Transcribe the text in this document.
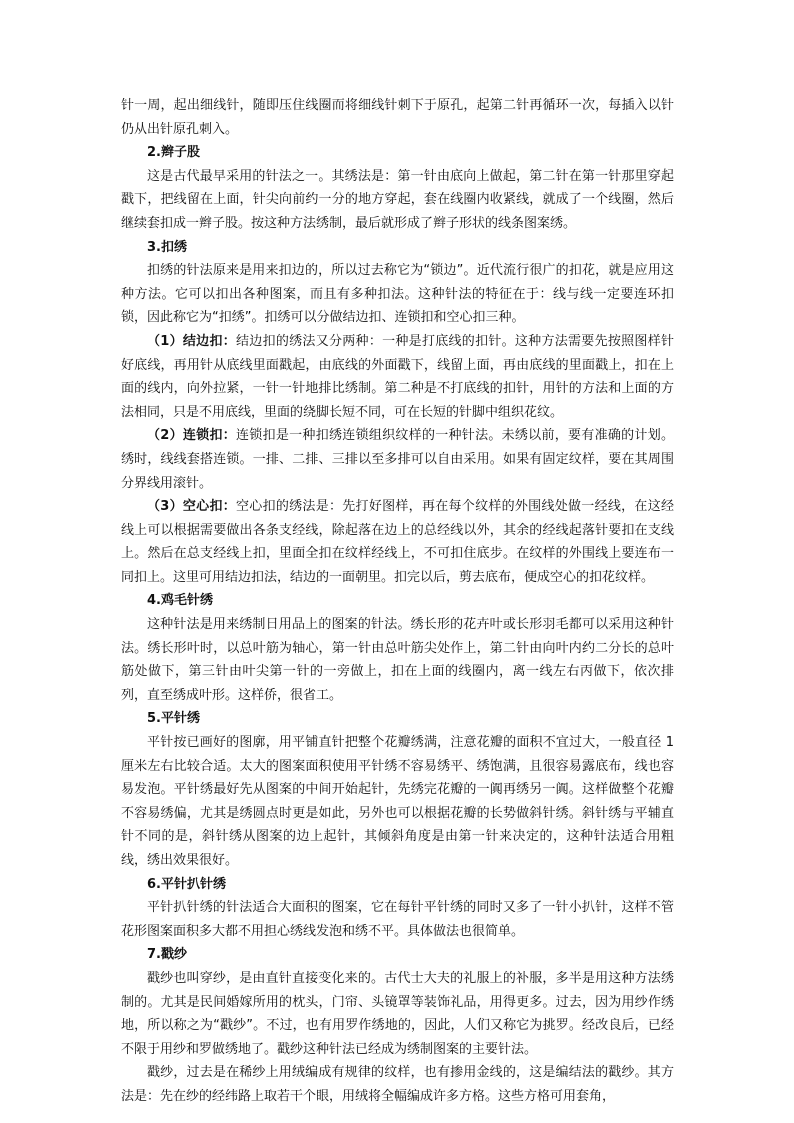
针一周，起出细线针，随即压住线圈而将细线针刺下于原孔，起第二针再循环一次，每插入以针仍从出针原孔刺入。

2.辫子股

这是古代最早采用的针法之一。其绣法是：第一针由底向上做起，第二针在第一针那里穿起戳下，把线留在上面，针尖向前约一分的地方穿起，套在线圈内收紧线，就成了一个线圈，然后继续套扣成一辫子股。按这种方法绣制，最后就形成了辫子形状的线条图案绣。

3.扣绣

扣绣的针法原来是用来扣边的，所以过去称它为“锁边”。近代流行很广的扣花，就是应用这种方法。它可以扣出各种图案，而且有多种扣法。这种针法的特征在于：线与线一定要连环扣锁，因此称它为“扣绣”。扣绣可以分做结边扣、连锁扣和空心扣三种。

（1）结边扣：结边扣的绣法又分两种：一种是打底线的扣针。这种方法需要先按照图样针好底线，再用针从底线里面戳起，由底线的外面戳下，线留上面，再由底线的里面戳上，扣在上面的线内，向外拉紧，一针一针地排比绣制。第二种是不打底线的扣针，用针的方法和上面的方法相同，只是不用底线，里面的绕脚长短不同，可在长短的针脚中组织花纹。

（2）连锁扣：连锁扣是一种扣绣连锁组织纹样的一种针法。未绣以前，要有准确的计划。绣时，线线套搭连锁。一排、二排、三排以至多排可以自由采用。如果有固定纹样，要在其周围分界线用滚针。

（3）空心扣：空心扣的绣法是：先打好图样，再在每个纹样的外围线处做一经线，在这经线上可以根据需要做出各条支经线，除起落在边上的总经线以外，其余的经线起落针要扣在支线上。然后在总支经线上扣，里面全扣在纹样经线上，不可扣住底步。在纹样的外围线上要连布一同扣上。这里可用结边扣法，结边的一面朝里。扣完以后，剪去底布，便成空心的扣花纹样。

4.鸡毛针绣

这种针法是用来绣制日用品上的图案的针法。绣长形的花卉叶或长形羽毛都可以采用这种针法。绣长形叶时，以总叶筋为轴心，第一针由总叶筋尖处作上，第二针由向叶内约二分长的总叶筋处做下，第三针由叶尖第一针的一旁做上，扣在上面的线圈内，离一线左右丙做下，依次排列，直至绣成叶形。这样侨，很省工。

5.平针绣

平针按已画好的图廓，用平铺直针把整个花瓣绣满，注意花瓣的面积不宜过大，一般直径 1 厘米左右比较合适。太大的图案面积使用平针绣不容易绣平、绣饱满，且很容易露底布，线也容易发泡。平针绣最好先从图案的中间开始起针，先绣完花瓣的一阗再绣另一阗。这样做整个花瓣不容易绣偏，尤其是绣圆点时更是如此，另外也可以根据花瓣的长势做斜针绣。斜针绣与平辅直针不同的是，斜针绣从图案的边上起针，其倾斜角度是由第一针来决定的，这种针法适合用粗线，绣出效果很好。

6.平针扒针绣

平针扒针绣的针法适合大面积的图案，它在每针平针绣的同时又多了一针小扒针，这样不管花形图案面积多大都不用担心绣线发泡和绣不平。具体做法也很简单。

7.戳纱

戳纱也叫穿纱，是由直针直接变化来的。古代士大夫的礼服上的补服，多半是用这种方法绣制的。尤其是民间婚嫁所用的枕头，门帘、头镜罩等装饰礼品，用得更多。过去，因为用纱作绣地，所以称之为“戳纱”。不过，也有用罗作绣地的，因此，人们又称它为挑罗。经改良后，已经不限于用纱和罗做绣地了。戳纱这种针法已经成为绣制图案的主要针法。

戳纱，过去是在稀纱上用绒编成有规律的纹样，也有掺用金线的，这是编结法的戳纱。其方法是：先在纱的经纬路上取若干个眼，用绒将全幅编成许多方格。这些方格可用套角，
